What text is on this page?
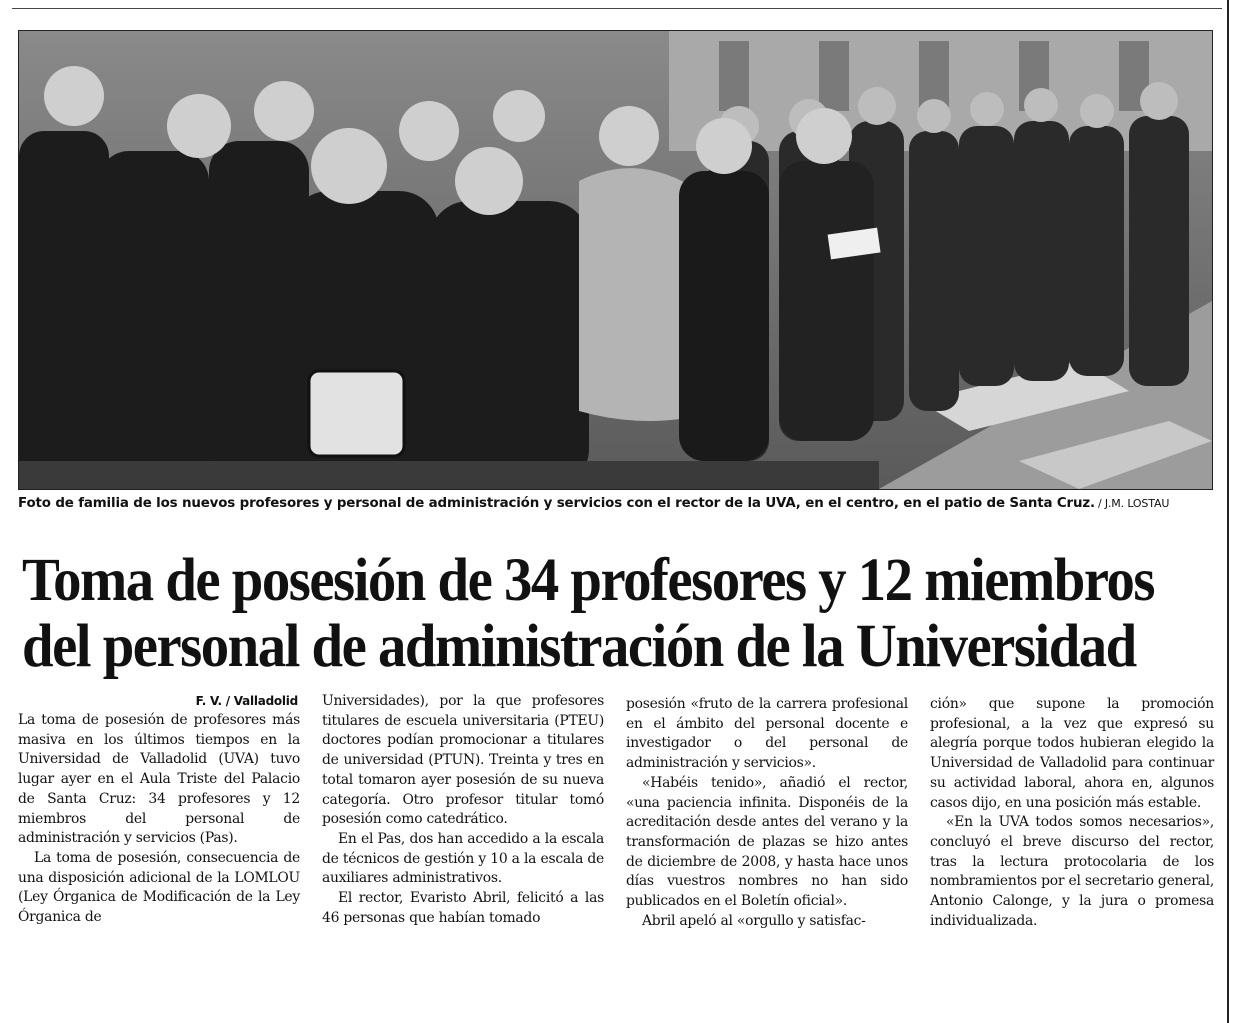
Foto de familia de los nuevos profesores y personal de administración y servicios con el rector de la UVA, en el centro, en el patio de Santa Cruz. / J.M. LOSTAU
Toma de posesión de 34 profesores y 12 miembros
del personal de administración de la Universidad
F. V. / Valladolid

La toma de posesión de profesores más masiva en los últimos tiempos en la Universidad de Valladolid (UVA) tuvo lugar ayer en el Aula Triste del Palacio de Santa Cruz: 34 profesores y 12 miembros del personal de administración y servicios (Pas).

La toma de posesión, consecuencia de una disposición adicional de la LOMLOU (Ley Órganica de Modificación de la Ley Órganica de

Universidades), por la que profesores titulares de escuela universitaria (PTEU) doctores podían promocionar a titulares de universidad (PTUN). Treinta y tres en total tomaron ayer posesión de su nueva categoría. Otro profesor titular tomó posesión como catedrático.

En el Pas, dos han accedido a la escala de técnicos de gestión y 10 a la escala de auxiliares administrativos.

El rector, Evaristo Abril, felicitó a las 46 personas que habían tomado

posesión «fruto de la carrera profesional en el ámbito del personal docente e investigador o del personal de administración y servicios».

«Habéis tenido», añadió el rector, «una paciencia infinita. Disponéis de la acreditación desde antes del verano y la transformación de plazas se hizo antes de diciembre de 2008, y hasta hace unos días vuestros nombres no han sido publicados en el Boletín oficial».

Abril apeló al «orgullo y satisfac-

ción» que supone la promoción profesional, a la vez que expresó su alegría porque todos hubieran elegido la Universidad de Valladolid para continuar su actividad laboral, ahora en, algunos casos dijo, en una posición más estable.

«En la UVA todos somos necesarios», concluyó el breve discurso del rector, tras la lectura protocolaria de los nombramientos por el secretario general, Antonio Calonge, y la jura o promesa individualizada.
